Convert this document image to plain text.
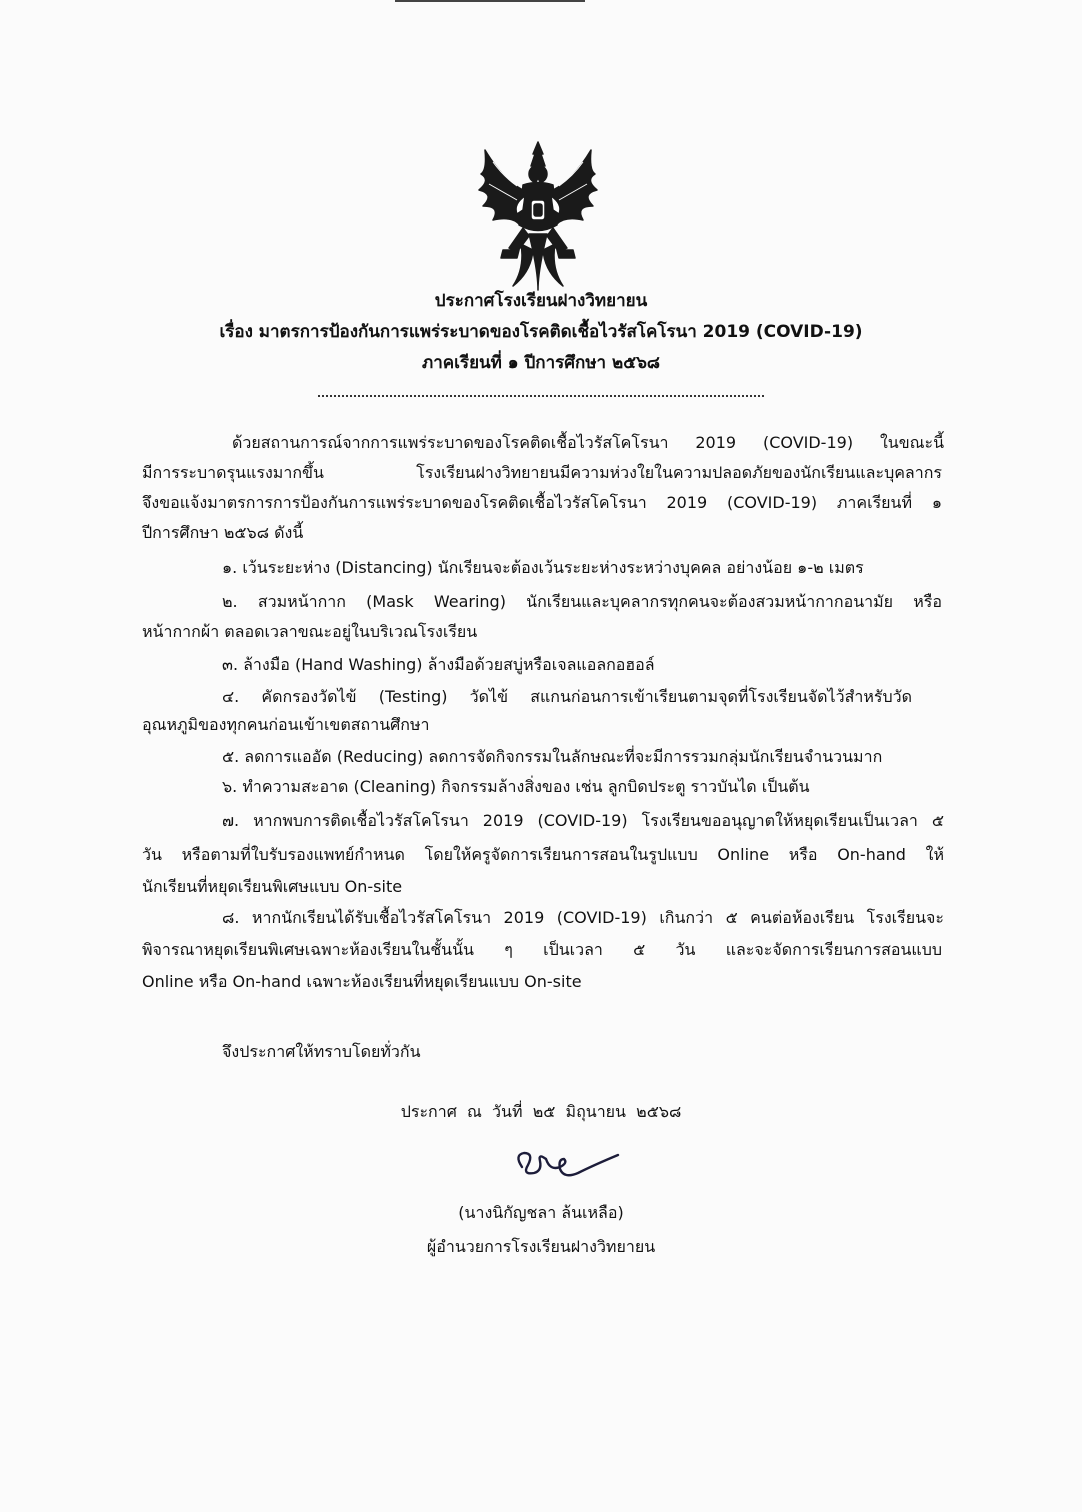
ประกาศโรงเรียนฝางวิทยายน
เรื่อง มาตรการป้องกันการแพร่ระบาดของโรคติดเชื้อไวรัสโคโรนา 2019 (COVID-19)
ภาคเรียนที่ ๑ ปีการศึกษา ๒๕๖๘
ด้วยสถานการณ์จากการแพร่ระบาดของโรคติดเชื้อไวรัสโคโรนา 2019 (COVID-19) ในขณะนี้
มีการระบาดรุนแรงมากขึ้น โรงเรียนฝางวิทยายนมีความห่วงใยในความปลอดภัยของนักเรียนและบุคลากร
จึงขอแจ้งมาตรการการป้องกันการแพร่ระบาดของโรคติดเชื้อไวรัสโคโรนา 2019 (COVID-19) ภาคเรียนที่ ๑
ปีการศึกษา ๒๕๖๘ ดังนี้
๑. เว้นระยะห่าง (Distancing) นักเรียนจะต้องเว้นระยะห่างระหว่างบุคคล อย่างน้อย ๑-๒ เมตร
๒. สวมหน้ากาก (Mask Wearing) นักเรียนและบุคลากรทุกคนจะต้องสวมหน้ากากอนามัย หรือ
หน้ากากผ้า ตลอดเวลาขณะอยู่ในบริเวณโรงเรียน
๓. ล้างมือ (Hand Washing) ล้างมือด้วยสบู่หรือเจลแอลกอฮอล์
๔. คัดกรองวัดไข้ (Testing) วัดไข้ สแกนก่อนการเข้าเรียนตามจุดที่โรงเรียนจัดไว้สำหรับวัด
อุณหภูมิของทุกคนก่อนเข้าเขตสถานศึกษา
๕. ลดการแออัด (Reducing) ลดการจัดกิจกรรมในลักษณะที่จะมีการรวมกลุ่มนักเรียนจำนวนมาก
๖. ทำความสะอาด (Cleaning) กิจกรรมล้างสิ่งของ เช่น ลูกบิดประตู ราวบันได เป็นต้น
๗. หากพบการติดเชื้อไวรัสโคโรนา 2019 (COVID-19) โรงเรียนขออนุญาตให้หยุดเรียนเป็นเวลา ๕
วัน หรือตามที่ใบรับรองแพทย์กำหนด โดยให้ครูจัดการเรียนการสอนในรูปแบบ Online หรือ On-hand ให้
นักเรียนที่หยุดเรียนพิเศษแบบ On-site
๘. หากนักเรียนได้รับเชื้อไวรัสโคโรนา 2019 (COVID-19) เกินกว่า ๕ คนต่อห้องเรียน โรงเรียนจะ
พิจารณาหยุดเรียนพิเศษเฉพาะห้องเรียนในชั้นนั้น ๆ เป็นเวลา ๕ วัน และจะจัดการเรียนการสอนแบบ
Online หรือ On-hand เฉพาะห้องเรียนที่หยุดเรียนแบบ On-site
จึงประกาศให้ทราบโดยทั่วกัน
ประกาศ  ณ  วันที่  ๒๕  มิถุนายน  ๒๕๖๘
(นางนิกัญชลา ล้นเหลือ)
ผู้อำนวยการโรงเรียนฝางวิทยายน
